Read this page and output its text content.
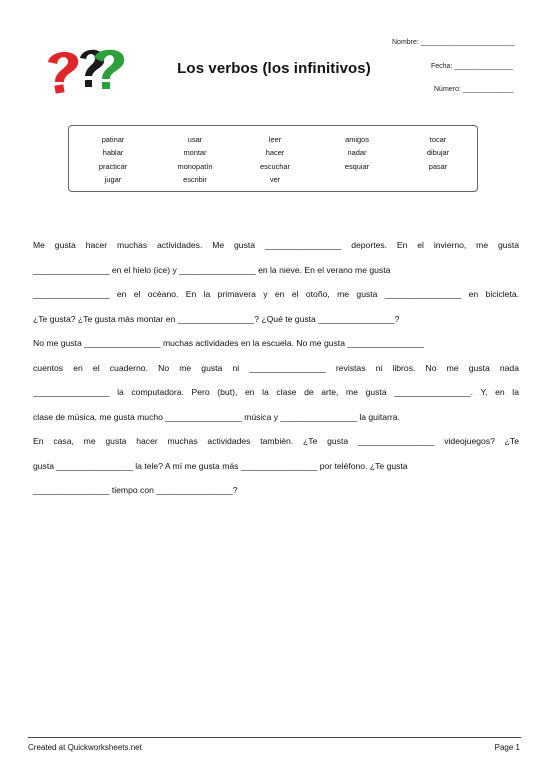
Los verbos (los infinitivos)
Nombre: ________________________
Fecha: _______________
Número: _____________
patinar	usar	leer	amigos	tocar
hablar	montar	hacer	nadar	dibujar
practicar	monopatín	escuchar	esquiar	pasar
jugar	escribir	ver
Me gusta hacer muchas actividades. Me gusta ________________ deportes. En el invierno, me gusta
________________ en el hielo (ice) y ________________ en la nieve. En el verano me gusta
________________ en el océano. En la primavera y en el otoño, me gusta ________________ en bicicleta.
¿Te gusta? ¿Te gusta más montar en ________________? ¿Qué te gusta ________________?
No me gusta ________________ muchas actividades en la escuela. No me gusta ________________
cuentos en el cuaderno. No me gusta ni ________________ revistas ni libros. No me gusta nada
________________ la computadora. Pero (but), en la clase de arte, me gusta ________________. Y, en la
clase de música, me gusta mucho ________________ música y ________________ la guitarra.
En casa, me gusta hacer muchas actividades también. ¿Te gusta ________________ videojuegos? ¿Te
gusta ________________ la tele? A mí me gusta más ________________ por teléfono. ¿Te gusta
________________ tiempo con ________________?
Created at Quickworksheets.net	Page 1
